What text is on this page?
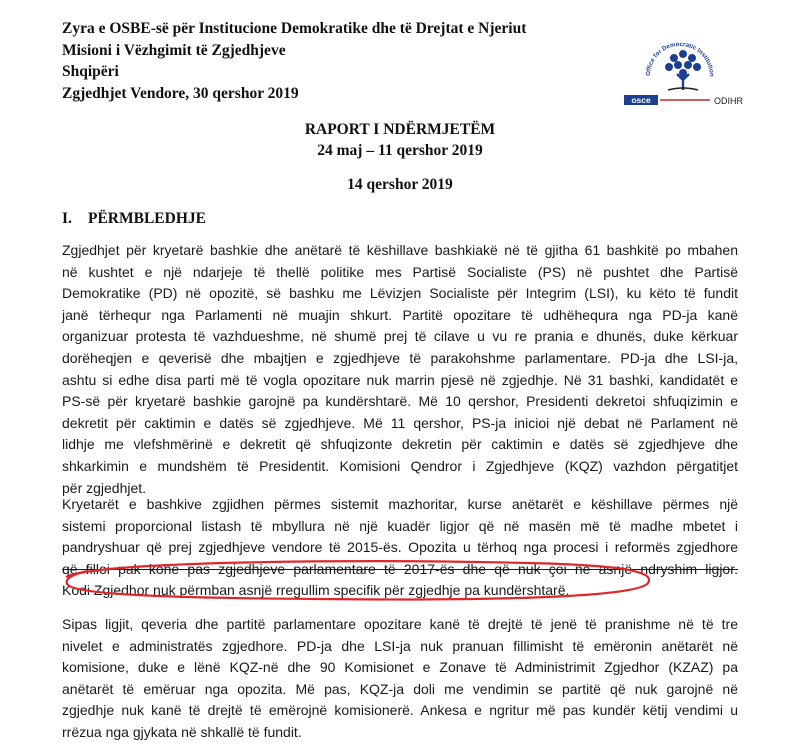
Zyra e OSBE-së për Institucione Demokratike dhe të Drejtat e Njeriut
Misioni i Vëzhgimit të Zgjedhjeve
Shqipëri
Zgjedhjet Vendore, 30 qershor 2019
Office for Democratic Institution
osce	ODIHR
RAPORT I NDËRMJETËM
24 maj – 11 qershor 2019
14 qershor 2019
I. PËRMBLEDHJE
Zgjedhjet për kryetarë bashkie dhe anëtarë të këshillave bashkiakë në të gjitha 61 bashkitë po mbahen
në kushtet e një ndarjeje të thellë politike mes Partisë Socialiste (PS) në pushtet dhe Partisë
Demokratike (PD) në opozitë, së bashku me Lëvizjen Socialiste për Integrim (LSI), ku këto të fundit
janë tërhequr nga Parlamenti në muajin shkurt. Partitë opozitare të udhëhequra nga PD-ja kanë
organizuar protesta të vazhdueshme, në shumë prej të cilave u vu re prania e dhunës, duke kërkuar
dorëheqjen e qeverisë dhe mbajtjen e zgjedhjeve të parakohshme parlamentare. PD-ja dhe LSI-ja,
ashtu si edhe disa parti më të vogla opozitare nuk marrin pjesë në zgjedhje. Në 31 bashki, kandidatët e
PS-së për kryetarë bashkie garojnë pa kundërshtarë. Më 10 qershor, Presidenti dekretoi shfuqizimin e
dekretit për caktimin e datës së zgjedhjeve. Më 11 qershor, PS-ja inicioi një debat në Parlament në
lidhje me vlefshmërinë e dekretit që shfuqizonte dekretin për caktimin e datës së zgjedhjeve dhe
shkarkimin e mundshëm të Presidentit. Komisioni Qendror i Zgjedhjeve (KQZ) vazhdon përgatitjet
për zgjedhjet.
Kryetarët e bashkive zgjidhen përmes sistemit mazhoritar, kurse anëtarët e këshillave përmes një
sistemi proporcional listash të mbyllura në një kuadër ligjor që në masën më të madhe mbetet i
pandryshuar që prej zgjedhjeve vendore të 2015-ës. Opozita u tërhoq nga procesi i reformës zgjedhore
që filloi pak kohë pas zgjedhjeve parlamentare të 2017-ës dhe që nuk çoi në asnjë ndryshim ligjor.
Kodi Zgjedhor nuk përmban asnjë rregullim specifik për zgjedhje pa kundërshtarë.
Sipas ligjit, qeveria dhe partitë parlamentare opozitare kanë të drejtë të jenë të pranishme në të tre
nivelet e administratës zgjedhore. PD-ja dhe LSI-ja nuk pranuan fillimisht të emëronin anëtarët në
komisione, duke e lënë KQZ-në dhe 90 Komisionet e Zonave të Administrimit Zgjedhor (KZAZ) pa
anëtarët të emëruar nga opozita. Më pas, KQZ-ja doli me vendimin se partitë që nuk garojnë në
zgjedhje nuk kanë të drejtë të emërojnë komisionerë. Ankesa e ngritur më pas kundër këtij vendimi u
rrëzua nga gjykata në shkallë të fundit.
